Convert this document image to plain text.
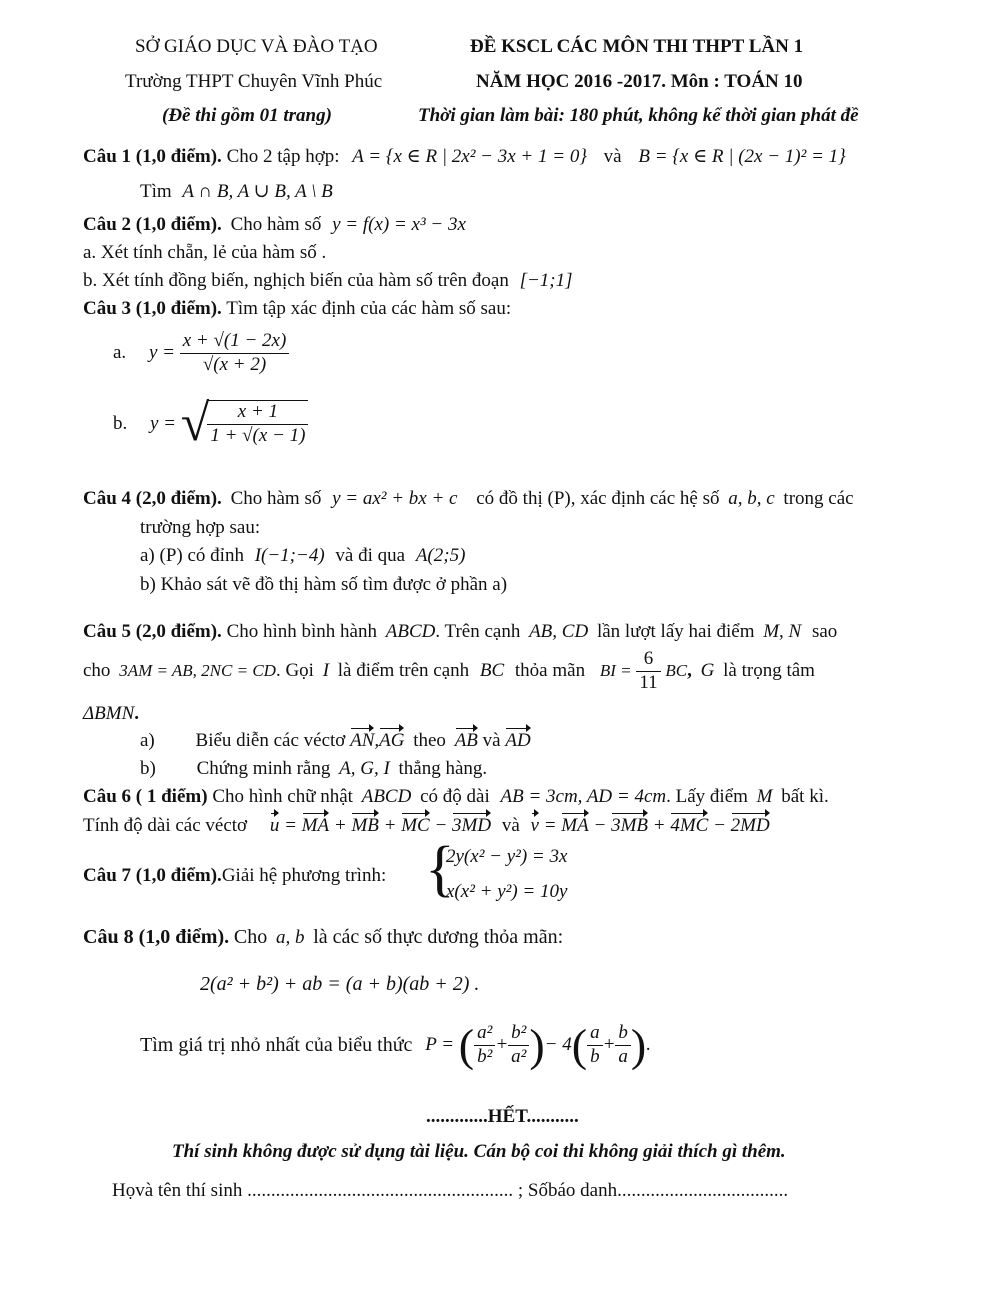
SỞ GIÁO DỤC VÀ ĐÀO TẠO
Trường THPT Chuyên Vĩnh Phúc
(Đề thi gồm 01 trang)
ĐỀ KSCL CÁC MÔN THI THPT LẦN 1
NĂM HỌC 2016 -2017. Môn : TOÁN 10
Thời gian làm bài: 180 phút, không kể thời gian phát đề
Câu 1 (1,0 điểm). Cho 2 tập hợp: A = {x ∈ R | 2x² − 3x + 1 = 0} và B = {x ∈ R | (2x − 1)² = 1}
Tìm A ∩ B, A ∪ B, A \ B
Câu 2 (1,0 điểm). Cho hàm số y = f(x) = x³ − 3x
a. Xét tính chẵn, lẻ của hàm số .
b. Xét tính đồng biến, nghịch biến của hàm số trên đoạn [−1;1]
Câu 3 (1,0 điểm). Tìm tập xác định của các hàm số sau:
a. $y = \frac{x + √(1 - 2x)}{√(x + 2)}$
b. y = √
$\frac{x + 1}{1 + √(x - 1)}$
Câu 4 (2,0 điểm). Cho hàm số y = ax² + bx + c có đồ thị (P), xác định các hệ số a, b, c trong các
trường hợp sau:
a) (P) có đỉnh I(−1;−4) và đi qua A(2;5)
b) Khảo sát vẽ đồ thị hàm số tìm được ở phần a)
Câu 5 (2,0 điểm). Cho hình bình hành ABCD. Trên cạnh AB, CD lần lượt lấy hai điểm M, N sao
cho 3AM = AB, 2NC = CD. Gọi I là điểm trên cạnh BC thỏa mãn BI = $\frac{6}{11}$ BC, G là trọng tâm
ΔBMN.
a) Biểu diễn các véctơ AN,AG theo AB và AD
b) Chứng minh rằng A, G, I thẳng hàng.
Câu 6 ( 1 điểm) Cho hình chữ nhật ABCD có độ dài AB = 3cm, AD = 4cm. Lấy điểm M bất kì.
Tính độ dài các véctơ u = MA + MB + MC − 3MD và v = MA − 3MB + 4MC − 2MD
Câu 7 (1,0 điểm).Giải hệ phương trình: {
2y(x² − y²) = 3x
x(x² + y²) = 10y
Câu 8 (1,0 điểm). Cho a, b là các số thực dương thỏa mãn:
2(a² + b²) + ab = (a + b)(ab + 2) .
Tìm giá trị nhỏ nhất của biểu thức P = ( $\frac{\text{a²}}{\text{b²}} + \frac{\text{b²}}{\text{a²}}$ )− $4( \frac{a}{b} + \frac{b}{a}$ ).
.............HẾT...........
Thí sinh không được sử dụng tài liệu. Cán bộ coi thi không giải thích gì thêm.
Họvà tên thí sinh ........................................................ ; Sốbáo danh....................................
